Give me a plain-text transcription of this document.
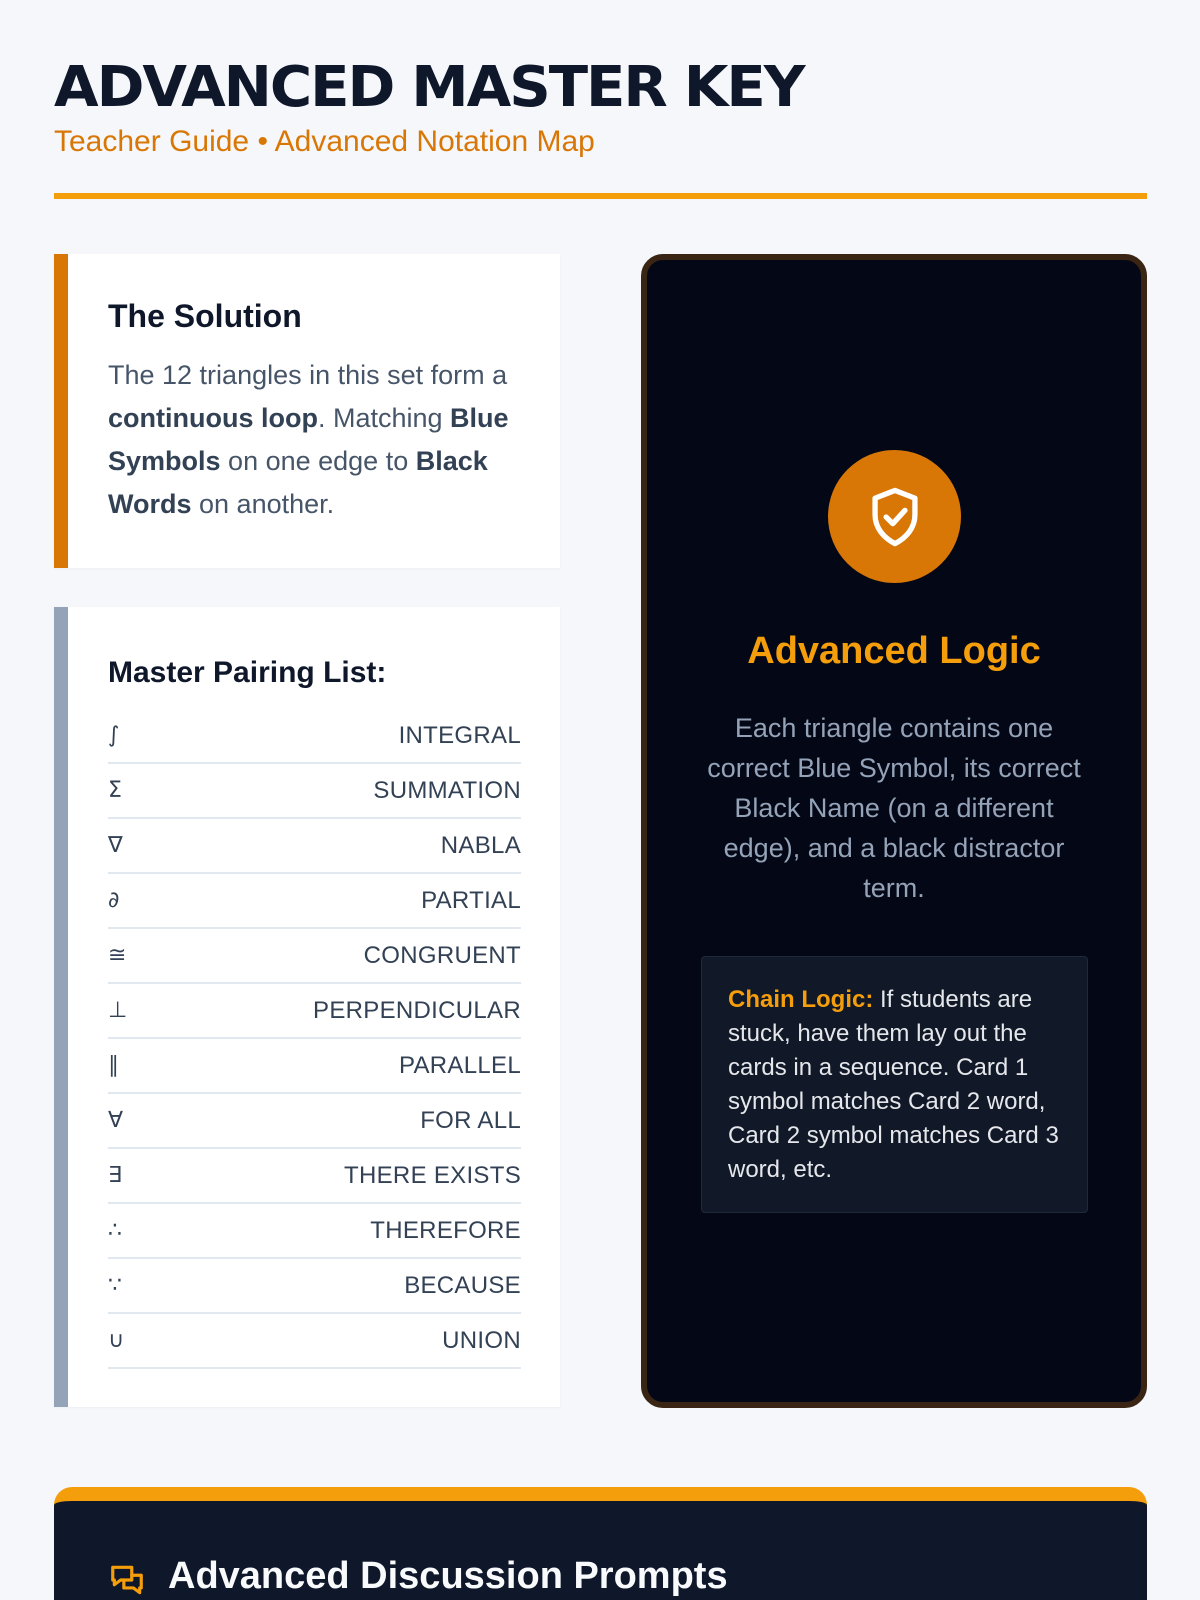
ADVANCED MASTER KEY
Teacher Guide • Advanced Notation Map
The Solution

The 12 triangles in this set form a continuous loop. Matching Blue Symbols on one edge to Black Words on another.

Master Pairing List:
∫	INTEGRAL
Σ	SUMMATION
∇	NABLA
∂	PARTIAL
≅	CONGRUENT
⊥	PERPENDICULAR
∥	PARALLEL
∀	FOR ALL
∃	THERE EXISTS
∴	THEREFORE
∵	BECAUSE
∪	UNION
Advanced Logic

Each triangle contains one correct Blue Symbol, its correct Black Name (on a different edge), and a black distractor term.

Chain Logic: If students are stuck, have them lay out the cards in a sequence. Card 1 symbol matches Card 2 word, Card 2 symbol matches Card 3 word, etc.
Advanced Discussion Prompts
